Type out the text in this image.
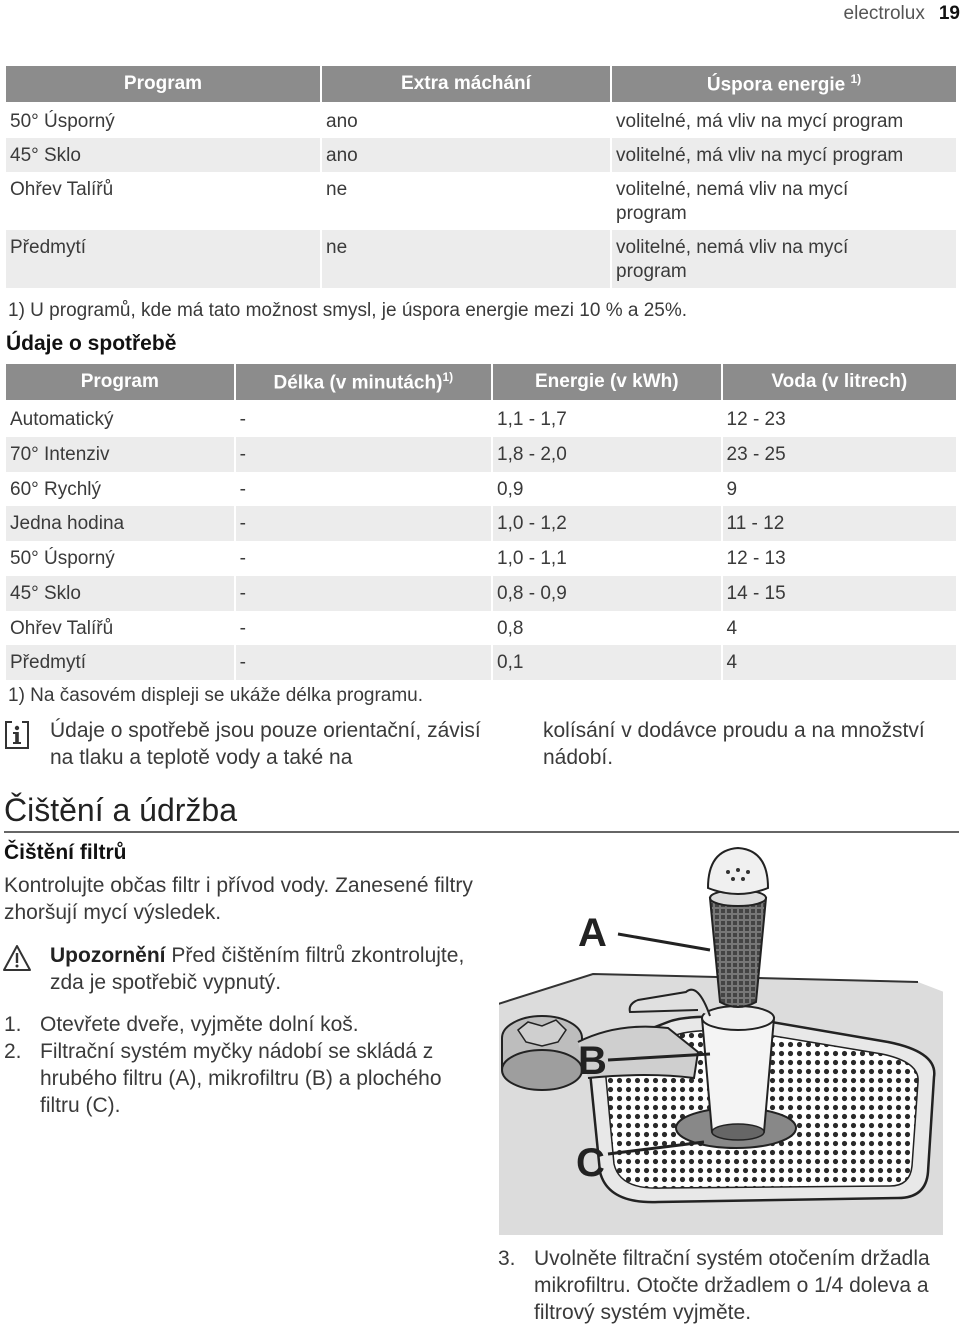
electrolux 19
Program	Extra máchání	Úspora energie $^{1)}$
50° Úsporný	ano	volitelné, má vliv na mycí program
45° Sklo	ano	volitelné, má vliv na mycí program
Ohřev Talířů	ne	volitelné, nemá vliv na mycí program
Předmytí	ne	volitelné, nemá vliv na mycí program
1) U programů, kde má tato možnost smysl, je úspora energie mezi 10 % a 25%.
Údaje o spotřebě
Program	Délka (v minutách)$^{1)}$	Energie (v kWh)	Voda (v litrech)
Automatický	-	1,1 - 1,7	12 - 23
70° Intenziv	-	1,8 - 2,0	23 - 25
60° Rychlý	-	0,9	9
Jedna hodina	-	1,0 - 1,2	11 - 12
50° Úsporný	-	1,0 - 1,1	12 - 13
45° Sklo	-	0,8 - 0,9	14 - 15
Ohřev Talířů	-	0,8	4
Předmytí	-	0,1	4
1) Na časovém displeji se ukáže délka programu.
Údaje o spotřebě jsou pouze orientační, závisí na tlaku a teplotě vody a také na
kolísání v dodávce proudu a na množství nádobí.
Čištění a údržba
Čištění filtrů
Kontrolujte občas filtr i přívod vody. Zanesené filtry zhoršují mycí výsledek.
Upozornění Před čištěním filtrů zkontrolujte, zda je spotřebič vypnutý.
1. Otevřete dveře, vyjměte dolní koš.
2. Filtrační systém myčky nádobí se skládá z hrubého filtru (A), mikrofiltru (B) a plochého filtru (C).
A
B
C
3. Uvolněte filtrační systém otočením držadla mikrofiltru. Otočte držadlem o 1/4 doleva a filtrový systém vyjměte.
